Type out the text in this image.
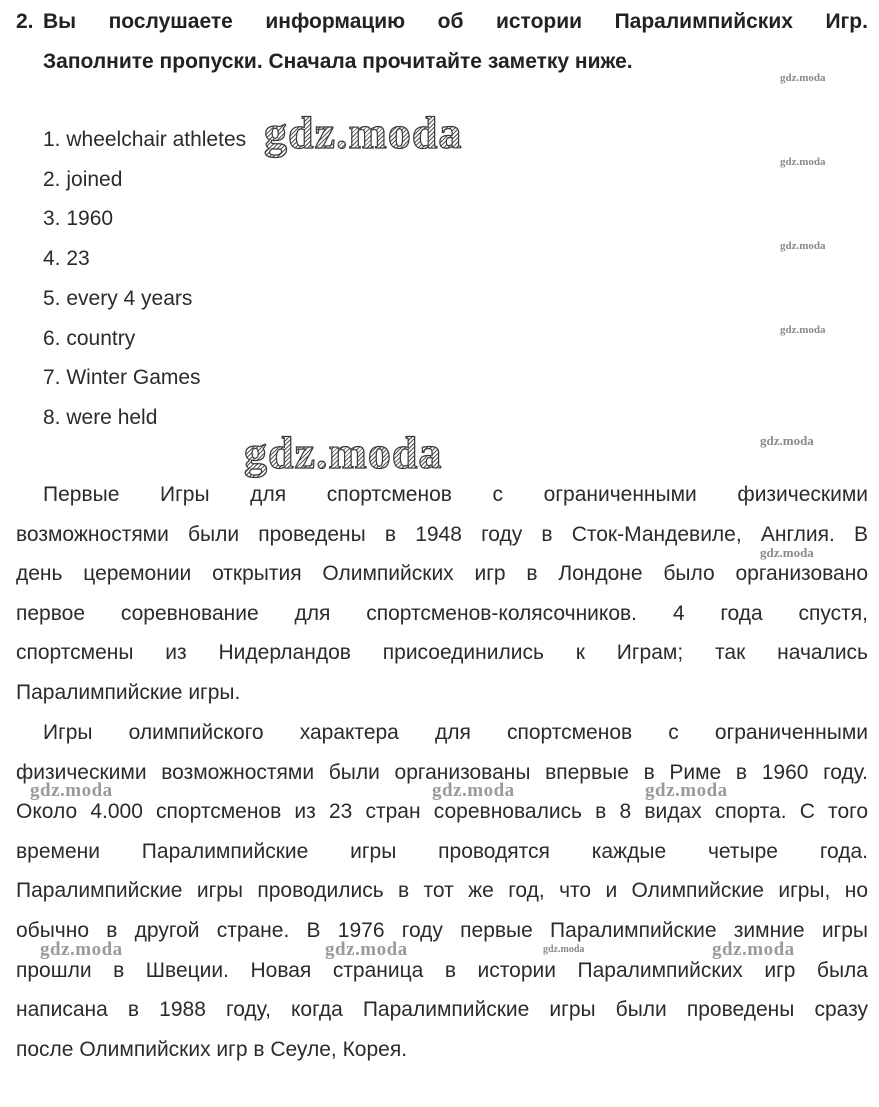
2. Вы послушаете информацию об истории Паралимпийских Игр.
Заполните пропуски. Сначала прочитайте заметку ниже.
1. wheelchair athletes
2. joined
3. 1960
4. 23
5. every 4 years
6. country
7. Winter Games
8. were held
Первые Игры для спортсменов с ограниченными физическими
возможностями были проведены в 1948 году в Сток-Мандевиле, Англия. В
день церемонии открытия Олимпийских игр в Лондоне было организовано
первое соревнование для спортсменов-колясочников. 4 года спустя,
спортсмены из Нидерландов присоединились к Играм; так начались
Паралимпийские игры.
Игры олимпийского характера для спортсменов с ограниченными
физическими возможностями были организованы впервые в Риме в 1960 году.
Около 4.000 спортсменов из 23 стран соревновались в 8 видах спорта. С того
времени Паралимпийские игры проводятся каждые четыре года.
Паралимпийские игры проводились в тот же год, что и Олимпийские игры, но
обычно в другой стране. В 1976 году первые Паралимпийские зимние игры
прошли в Швеции. Новая страница в истории Паралимпийских игр была
написана в 1988 году, когда Паралимпийские игры были проведены сразу
после Олимпийских игр в Сеуле, Корея.
gdz.moda
gdz.moda
gdz.moda
gdz.moda
gdz.moda
gdz.moda
gdz.moda
gdz.moda
gdz.moda
gdz.moda	gdz.moda	gdz.moda
gdz.moda	gdz.moda	gdz.moda
